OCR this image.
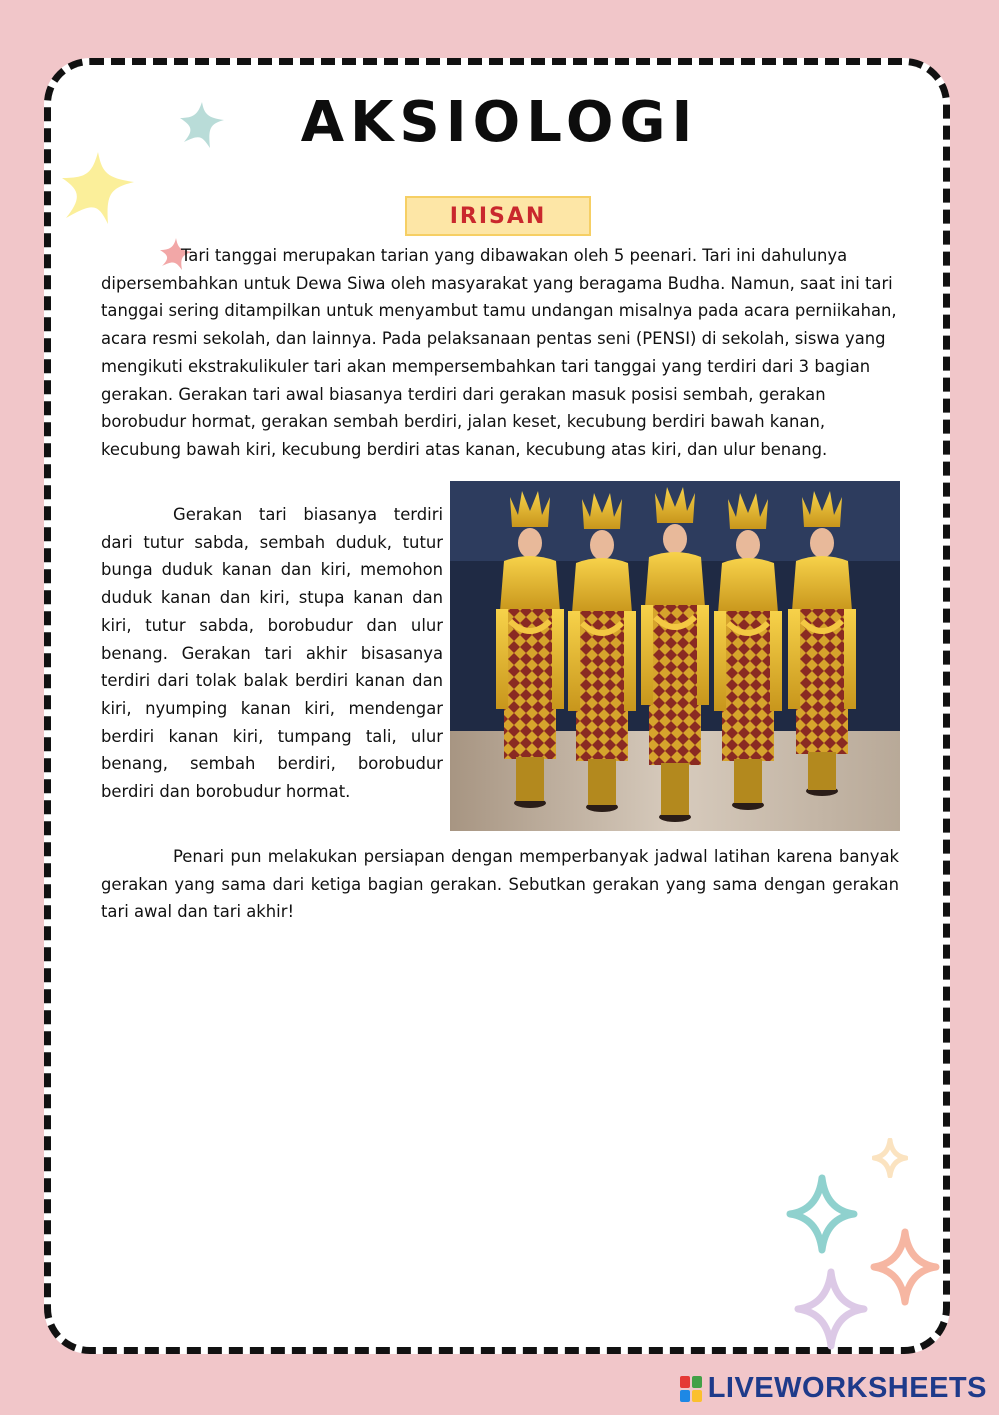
AKSIOLOGI
IRISAN

Tari tanggai merupakan tarian yang dibawakan oleh 5 peenari. Tari ini dahulunya
dipersembahkan untuk Dewa Siwa oleh masyarakat yang beragama Budha. Namun, saat ini tari tanggai sering ditampilkan untuk menyambut tamu undangan misalnya pada acara perniikahan, acara resmi sekolah, dan lainnya. Pada pelaksanaan pentas seni (PENSI) di sekolah, siswa yang mengikuti ekstrakulikuler tari akan mempersembahkan tari tanggai yang terdiri dari 3 bagian gerakan. Gerakan tari awal biasanya terdiri dari gerakan masuk posisi sembah, gerakan borobudur hormat, gerakan sembah berdiri, jalan keset, kecubung berdiri bawah kanan, kecubung bawah kiri, kecubung berdiri atas kanan, kecubung atas kiri, dan ulur benang.

Gerakan tari biasanya terdiri dari tutur sabda, sembah duduk, tutur bunga duduk kanan dan kiri, memohon duduk kanan dan kiri, stupa kanan dan kiri, tutur sabda, borobudur dan ulur benang. Gerakan tari akhir bisasanya terdiri dari tolak balak berdiri kanan dan kiri, nyumping kanan kiri, mendengar berdiri kanan kiri, tumpang tali, ulur benang, sembah berdiri, borobudur berdiri dan borobudur hormat.

Penari pun melakukan persiapan dengan memperbanyak jadwal latihan karena banyak gerakan yang sama dari ketiga bagian gerakan. Sebutkan gerakan yang sama dengan gerakan tari awal dan tari akhir!

LIVEWORKSHEETS
